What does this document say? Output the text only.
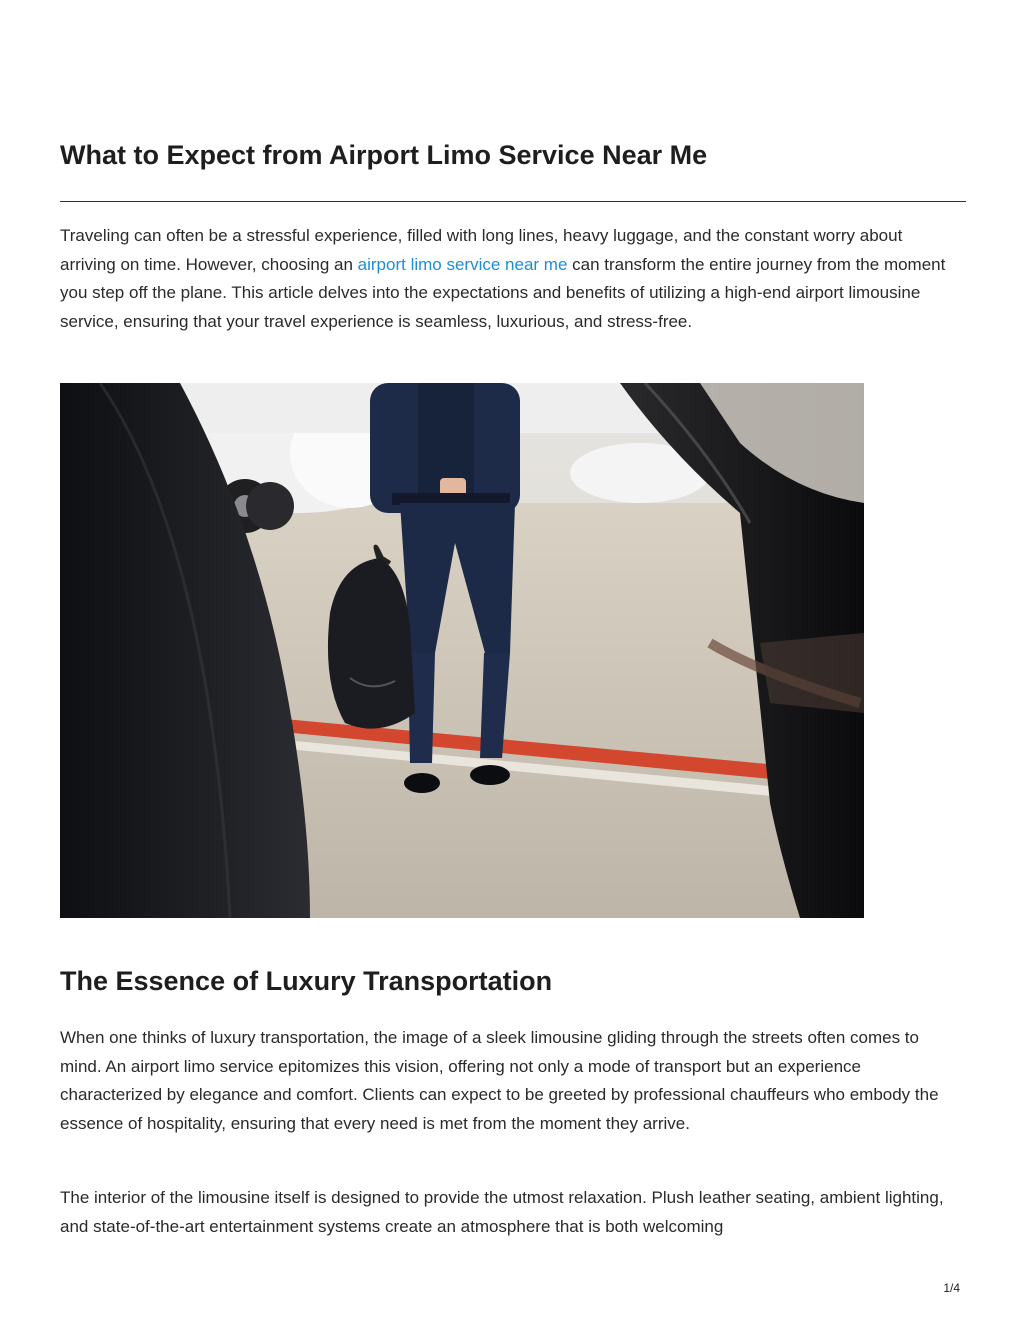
What to Expect from Airport Limo Service Near Me

Traveling can often be a stressful experience, filled with long lines, heavy luggage, and the constant worry about arriving on time. However, choosing an airport limo service near me can transform the entire journey from the moment you step off the plane. This article delves into the expectations and benefits of utilizing a high-end airport limousine service, ensuring that your travel experience is seamless, luxurious, and stress-free.

The Essence of Luxury Transportation

When one thinks of luxury transportation, the image of a sleek limousine gliding through the streets often comes to mind. An airport limo service epitomizes this vision, offering not only a mode of transport but an experience characterized by elegance and comfort. Clients can expect to be greeted by professional chauffeurs who embody the essence of hospitality, ensuring that every need is met from the moment they arrive.

The interior of the limousine itself is designed to provide the utmost relaxation. Plush leather seating, ambient lighting, and state-of-the-art entertainment systems create an atmosphere that is both welcoming

1/4
